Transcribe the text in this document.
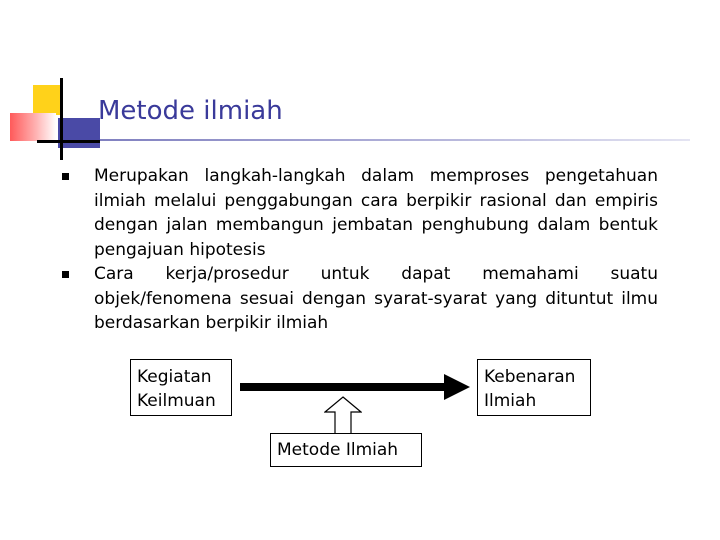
Metode ilmiah
Merupakan langkah-langkah dalam memproses pengetahuan ilmiah melalui penggabungan cara berpikir rasional dan empiris dengan jalan membangun jembatan penghubung dalam bentuk pengajuan hipotesis
Cara kerja/prosedur untuk dapat memahami suatu objek/fenomena sesuai dengan syarat-syarat yang dituntut ilmu berdasarkan berpikir ilmiah
Kegiatan
Keilmuan
Kebenaran
Ilmiah
Metode Ilmiah
